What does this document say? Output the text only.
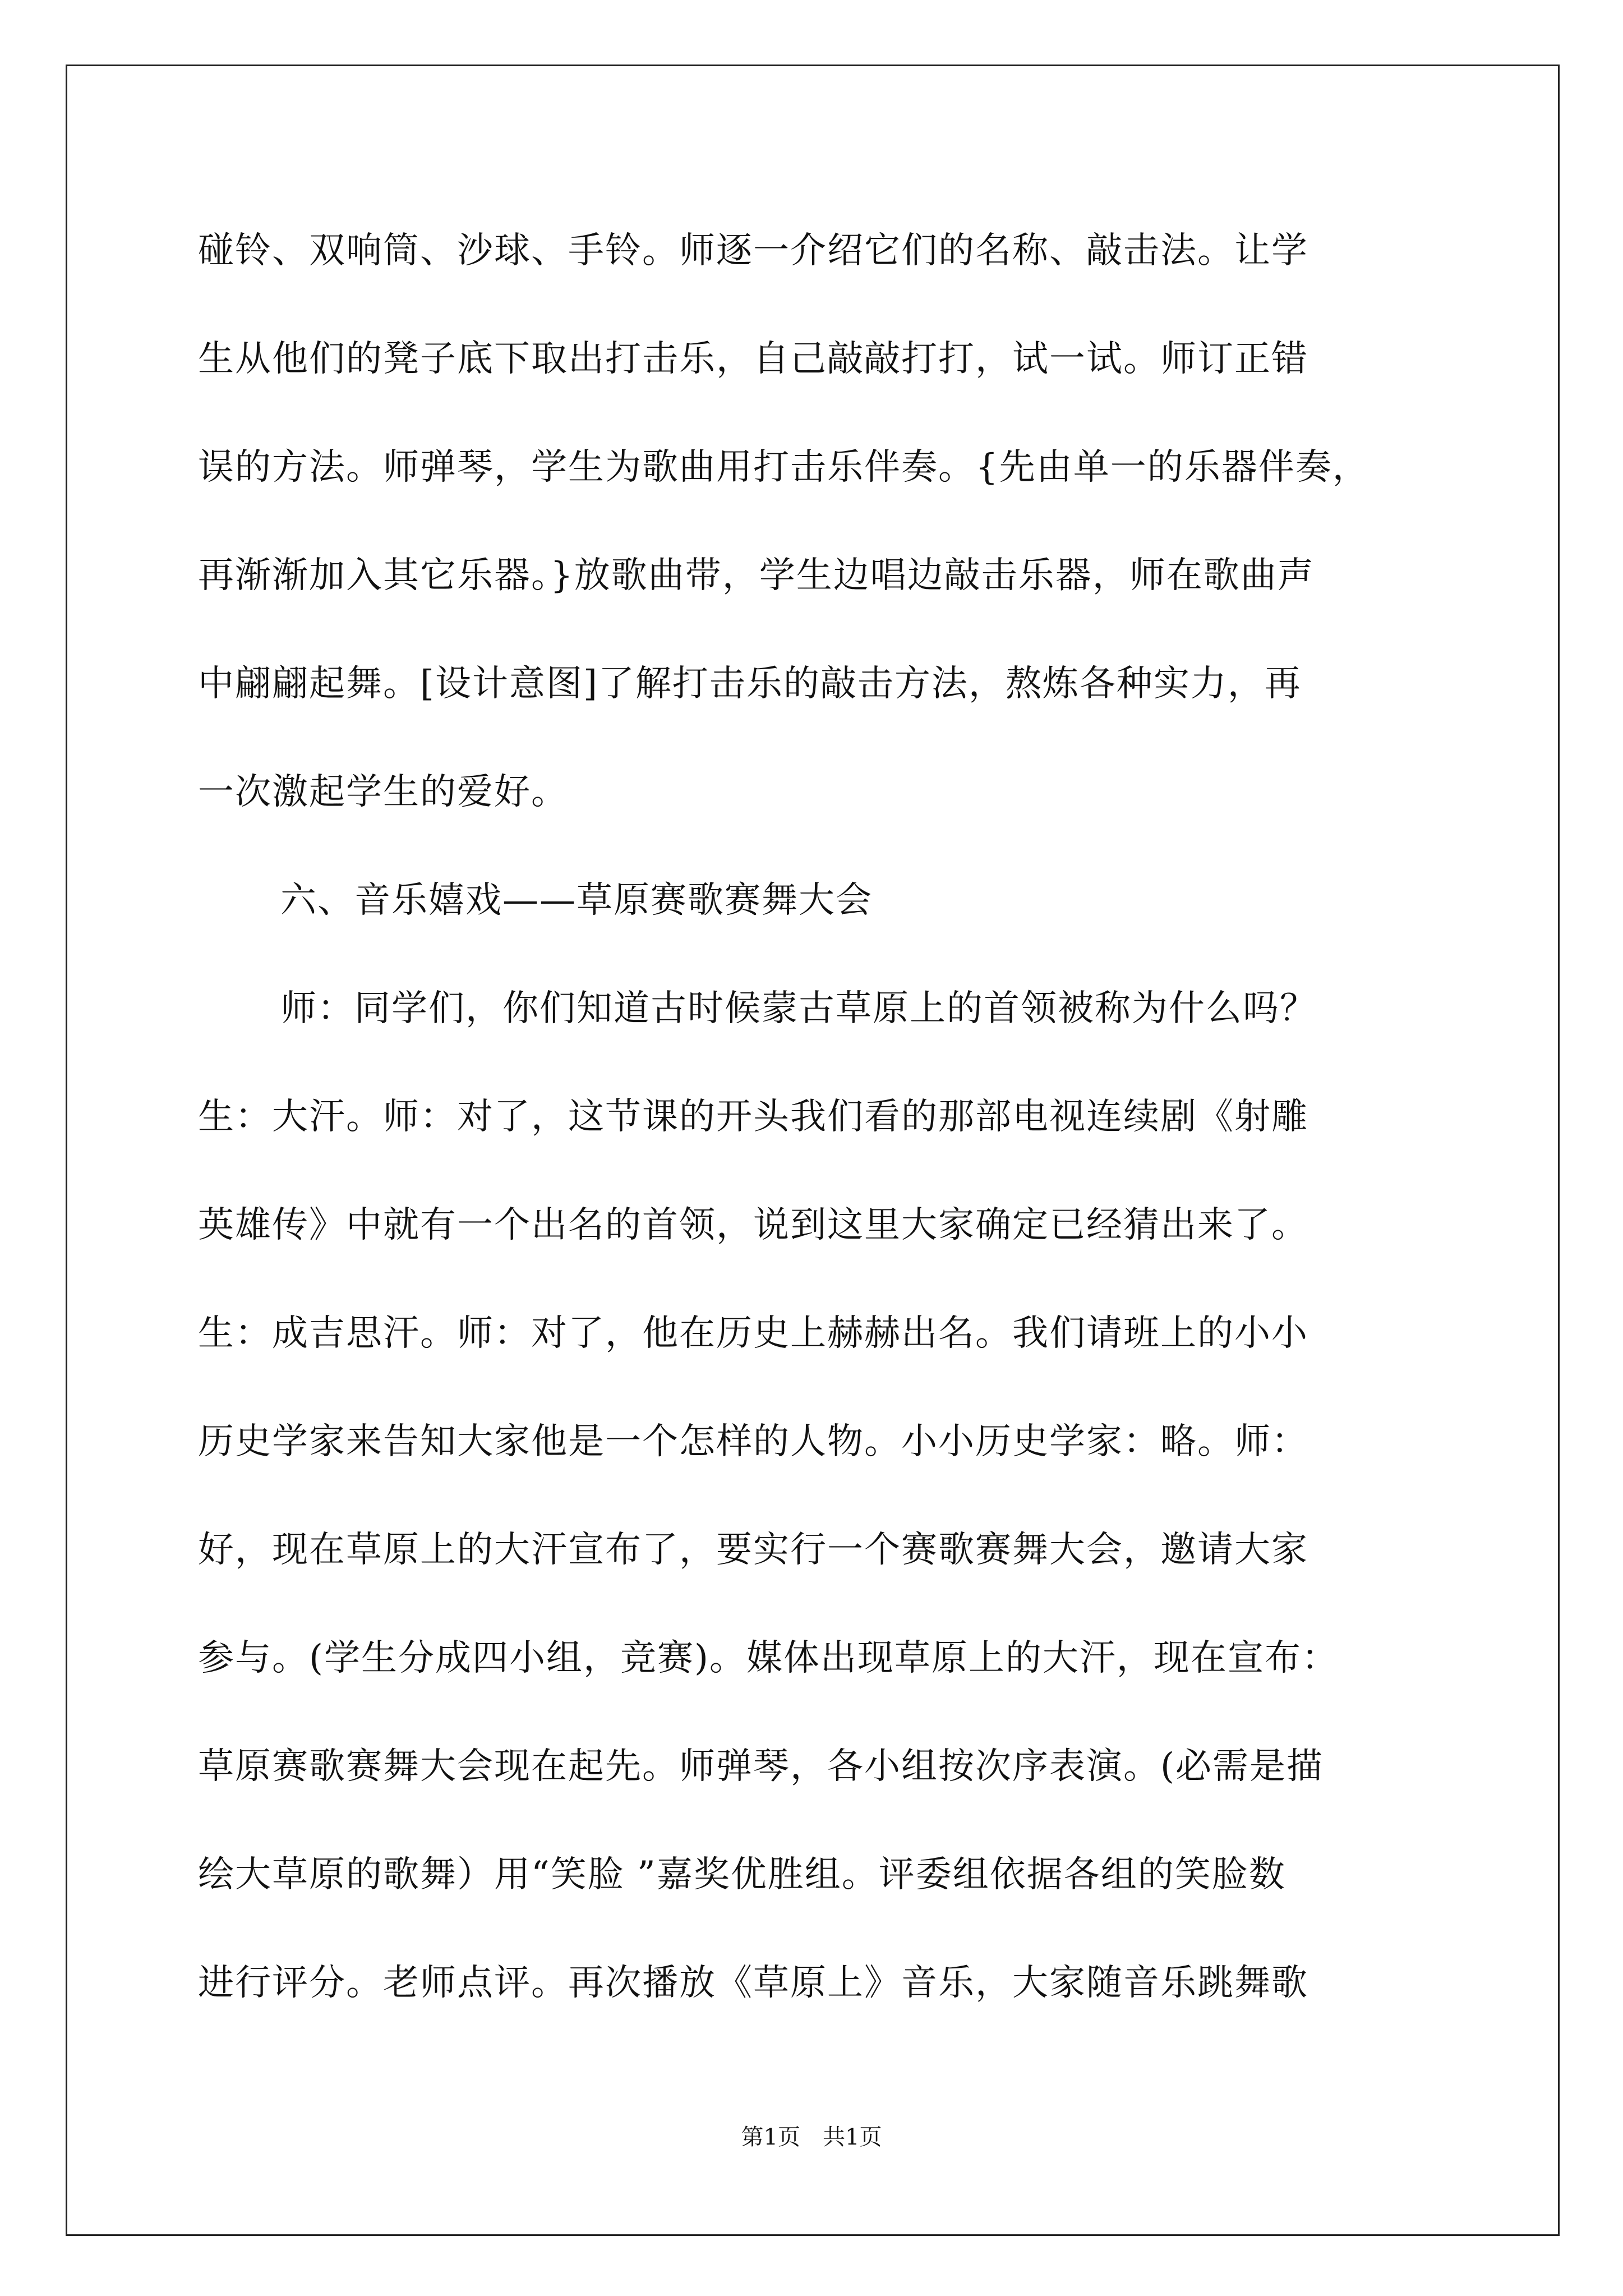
碰铃、双响筒、沙球、手铃。师逐一介绍它们的名称、敲击法。让学
生从他们的凳子底下取出打击乐，自己敲敲打打，试一试。师订正错
误的方法。师弹琴，学生为歌曲用打击乐伴奏。{先由单一的乐器伴奏，
再渐渐加入其它乐器。}放歌曲带，学生边唱边敲击乐器，师在歌曲声
中翩翩起舞。[设计意图]了解打击乐的敲击方法，熬炼各种实力，再
一次激起学生的爱好。
六、音乐嬉戏——草原赛歌赛舞大会
师：同学们，你们知道古时候蒙古草原上的首领被称为什么吗？
生：大汗。师：对了，这节课的开头我们看的那部电视连续剧《射雕
英雄传》中就有一个出名的首领，说到这里大家确定已经猜出来了。
生：成吉思汗。师：对了，他在历史上赫赫出名。我们请班上的小小
历史学家来告知大家他是一个怎样的人物。小小历史学家：略。师：
好，现在草原上的大汗宣布了，要实行一个赛歌赛舞大会，邀请大家
参与。(学生分成四小组，竞赛)。媒体出现草原上的大汗，现在宣布：
草原赛歌赛舞大会现在起先。师弹琴，各小组按次序表演。(必需是描
绘大草原的歌舞）用“笑脸 ”嘉奖优胜组。评委组依据各组的笑脸数
进行评分。老师点评。再次播放《草原上》音乐，大家随音乐跳舞歌
第1页　共1页
